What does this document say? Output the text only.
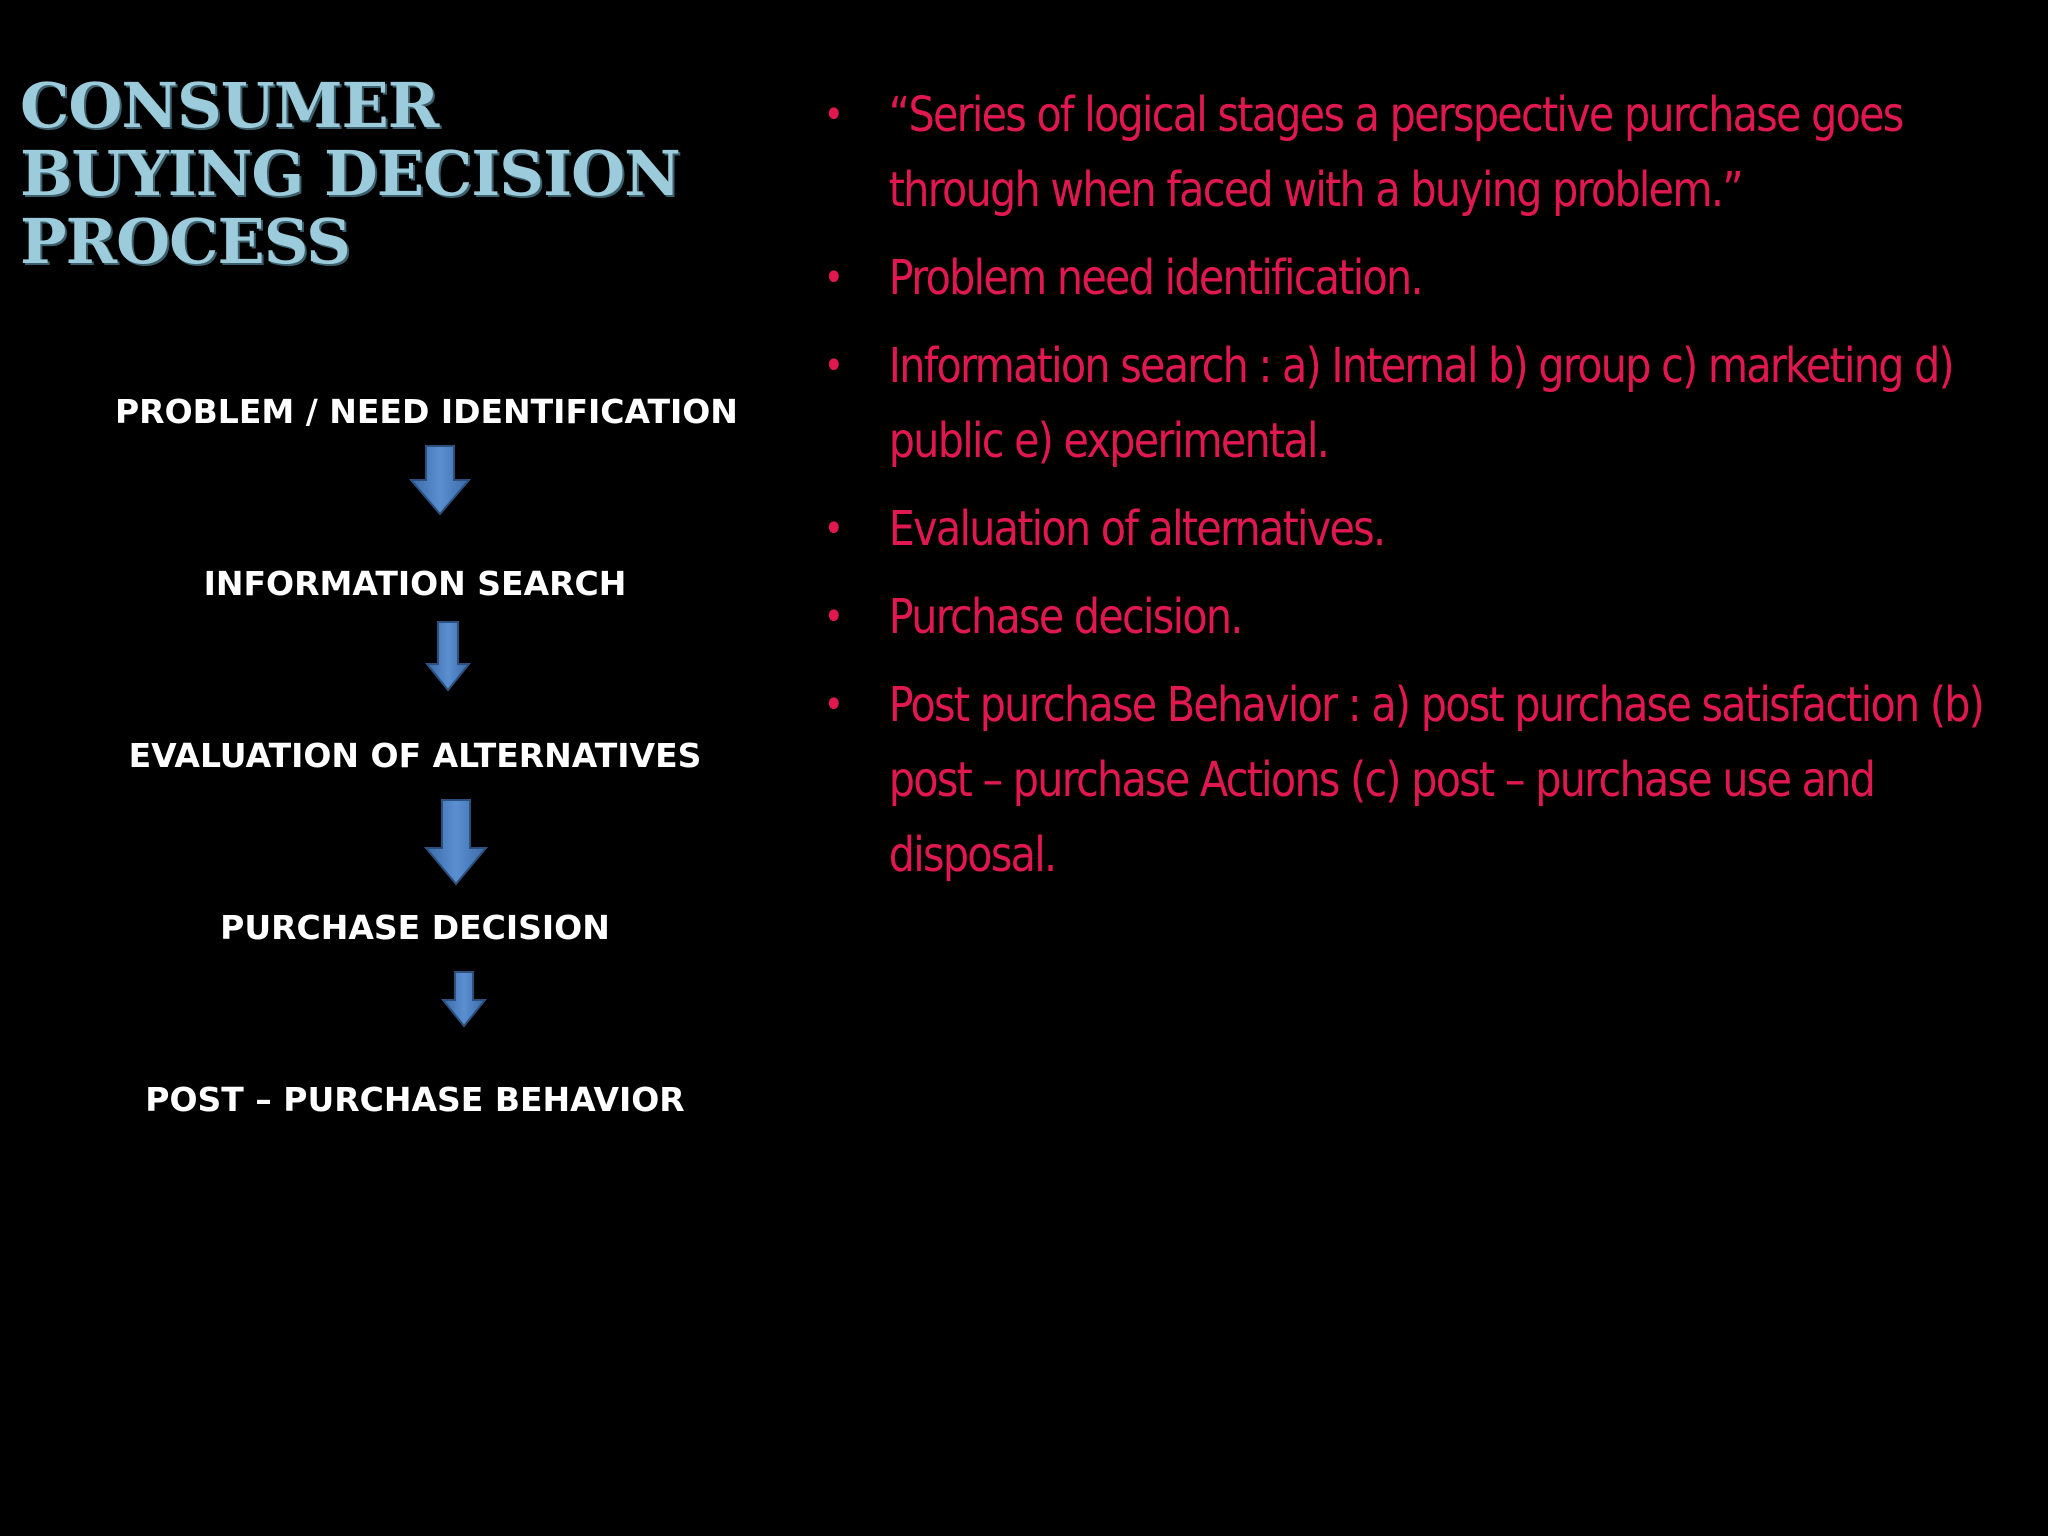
CONSUMER
BUYING DECISION
PROCESS
PROBLEM / NEED IDENTIFICATION
INFORMATION SEARCH
EVALUATION OF ALTERNATIVES
PURCHASE DECISION
POST – PURCHASE BEHAVIOR
• “Series of logical stages a perspective purchase goes through when faced with a buying problem.”
• Problem need identification.
• Information search : a) Internal b) group c) marketing d) public e) experimental.
• Evaluation of alternatives.
• Purchase decision.
• Post purchase Behavior : a) post purchase satisfaction (b) post – purchase Actions (c) post – purchase use and disposal.
